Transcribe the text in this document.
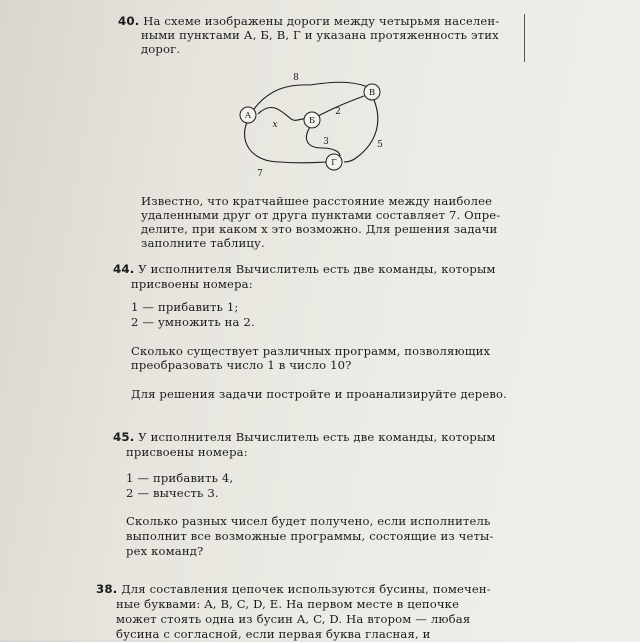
40. На схеме изображены дороги между четырьмя населен-
ными пунктами А, Б, В, Г и указана протяженность этих
дорог.
А	Б
В
Г
8
x
2
3	5
7
Известно, что кратчайшее расстояние между наиболее
удаленными друг от друга пунктами составляет 7. Опре-
делите, при каком x это возможно. Для решения задачи
заполните таблицу.
44. У исполнителя Вычислитель есть две команды, которым
присвоены номера:
1 — прибавить 1;
2 — умножить на 2.
Сколько существует различных программ, позволяющих
преобразовать число 1 в число 10?
Для решения задачи постройте и проанализируйте дерево.
45. У исполнителя Вычислитель есть две команды, которым
присвоены номера:
1 — прибавить 4,
2 — вычесть 3.
Сколько разных чисел будет получено, если исполнитель
выполнит все возможные программы, состоящие из четы-
рех команд?
38. Для составления цепочек используются бусины, помечен-
ные буквами: A, B, C, D, E. На первом месте в цепочке
может стоять одна из бусин A, C, D. На втором — любая
бусина с согласной, если первая буква гласная, и
